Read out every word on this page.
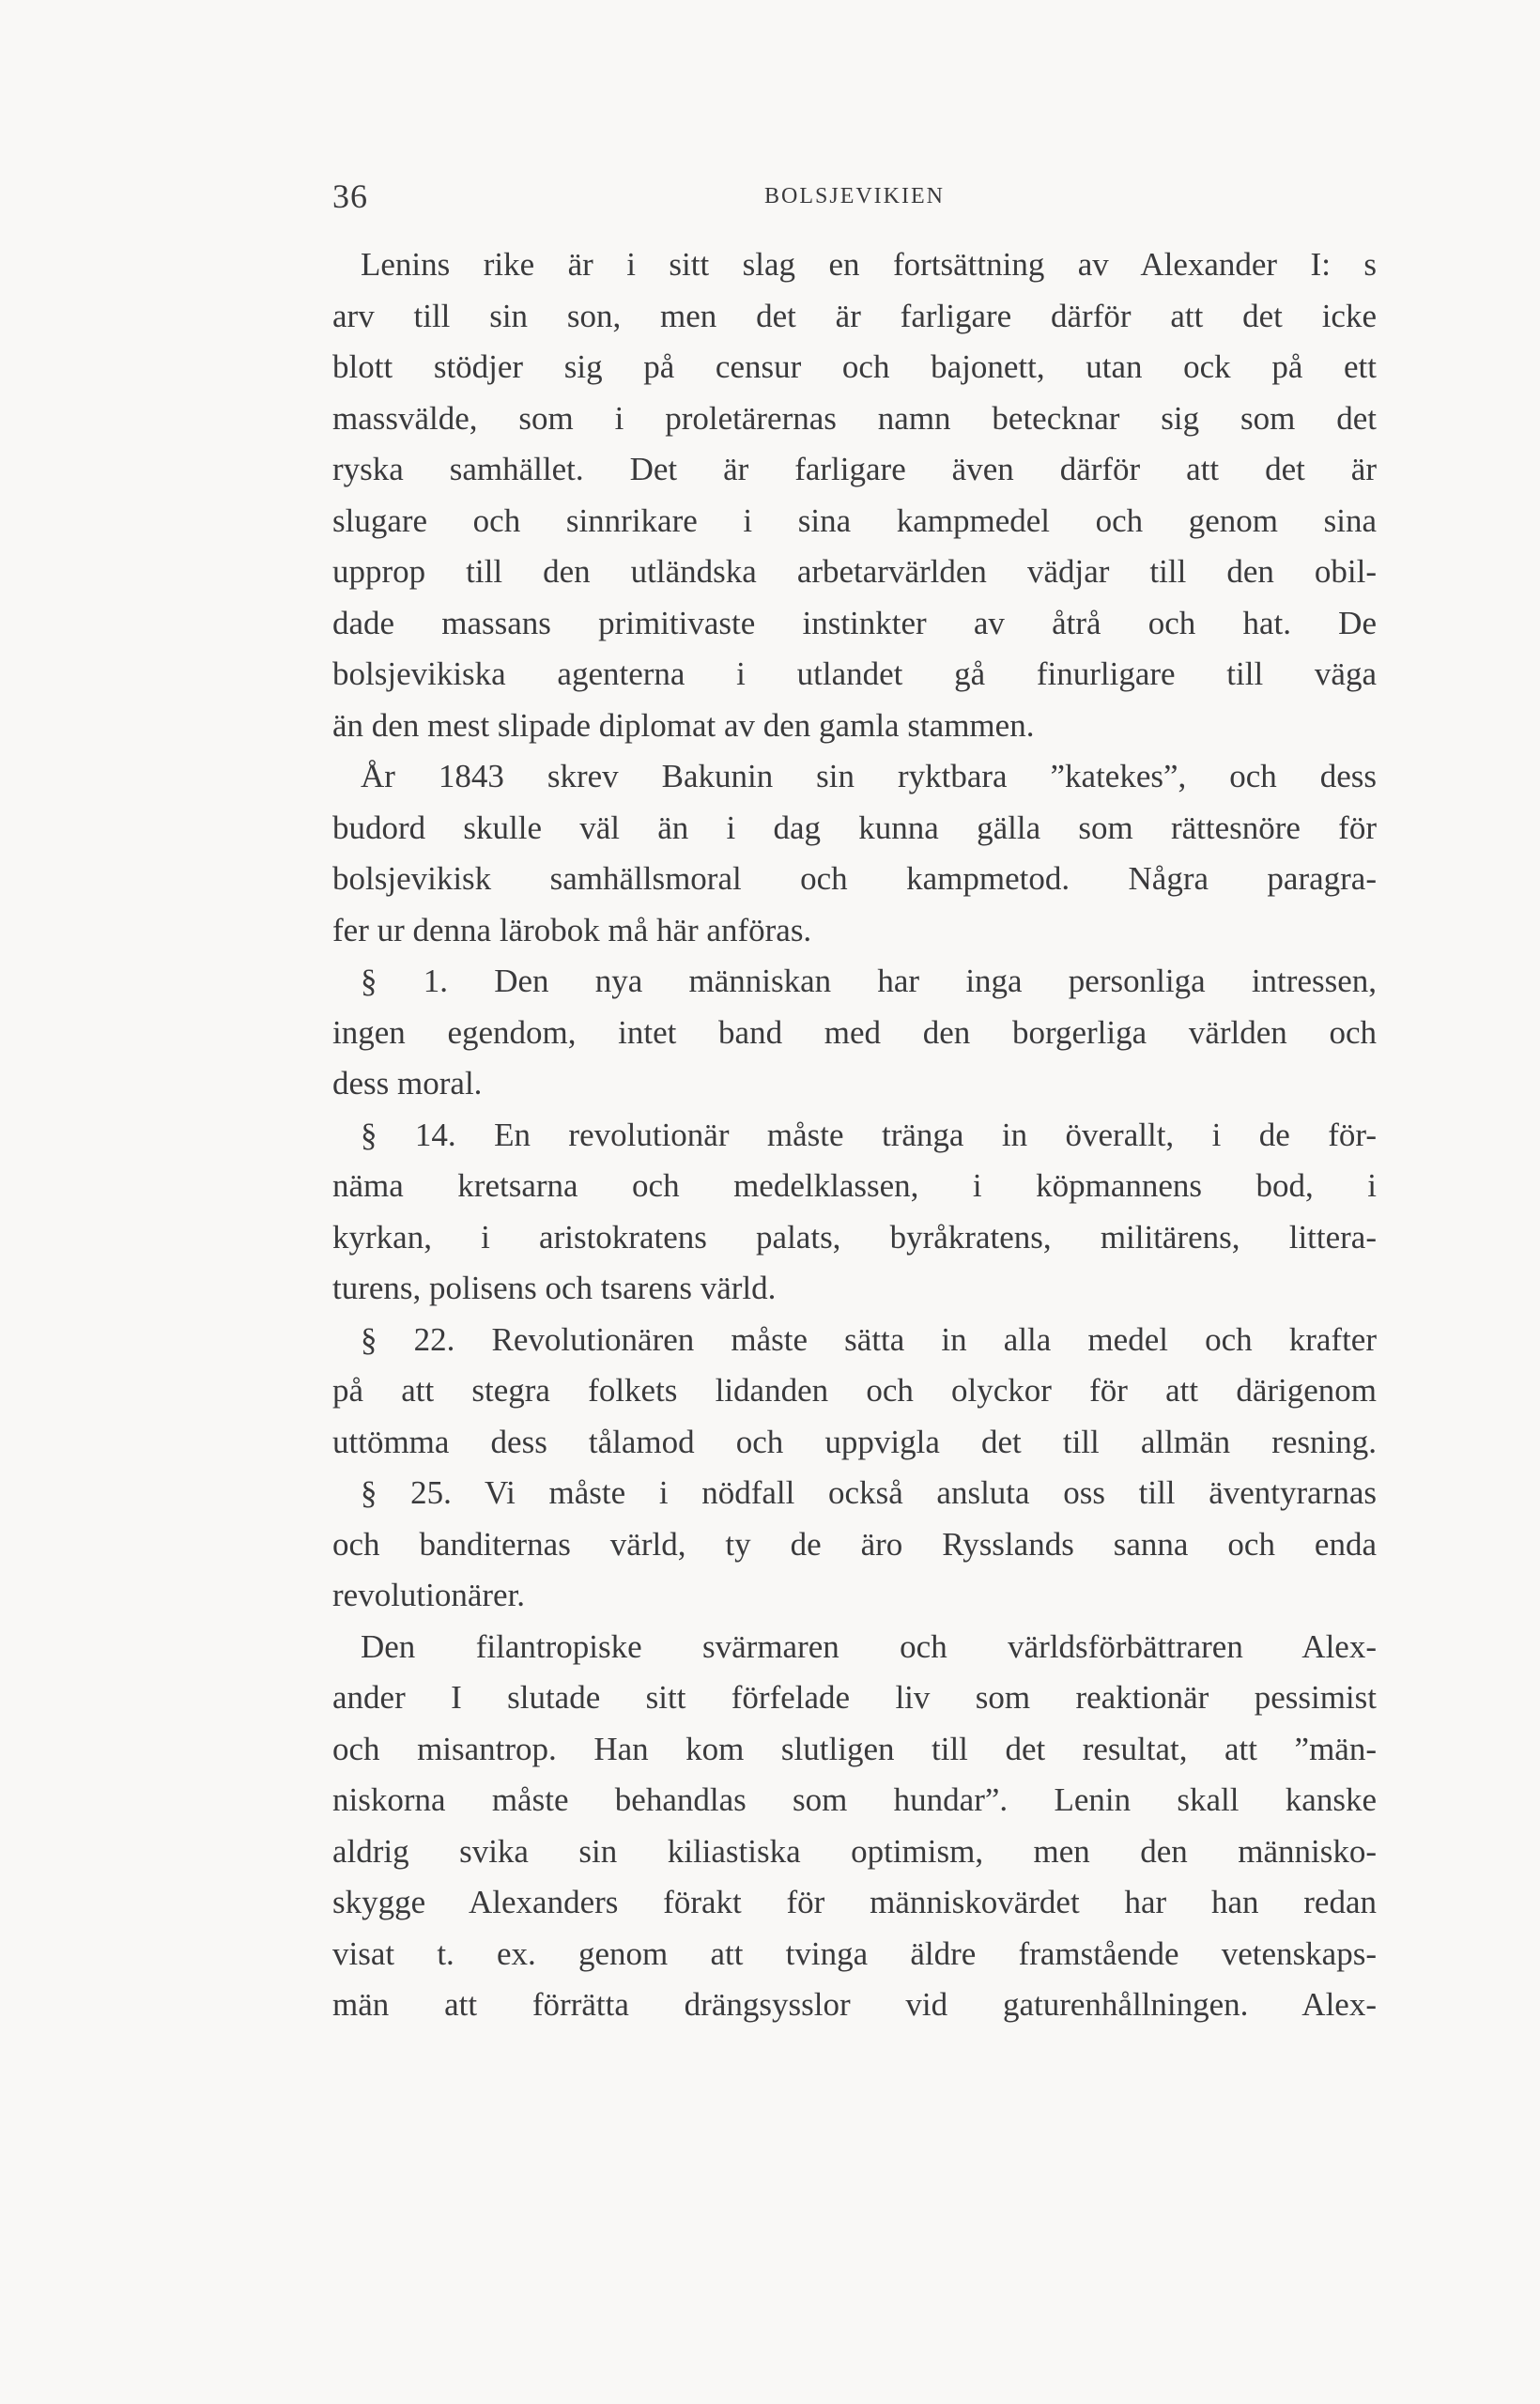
36	BOLSJEVIKIEN
Lenins rike är i sitt slag en fortsättning av Alexander I: s
arv till sin son, men det är farligare därför att det icke
blott stödjer sig på censur och bajonett, utan ock på ett
massvälde, som i proletärernas namn betecknar sig som det
ryska samhället. Det är farligare även därför att det är
slugare och sinnrikare i sina kampmedel och genom sina
upprop till den utländska arbetarvärlden vädjar till den obil-
dade massans primitivaste instinkter av åtrå och hat. De
bolsjevikiska agenterna i utlandet gå finurligare till väga
än den mest slipade diplomat av den gamla stammen.
År 1843 skrev Bakunin sin ryktbara ”katekes”, och dess
budord skulle väl än i dag kunna gälla som rättesnöre för
bolsjevikisk samhällsmoral och kampmetod. Några paragra-
fer ur denna lärobok må här anföras.
§ 1. Den nya människan har inga personliga intressen,
ingen egendom, intet band med den borgerliga världen och
dess moral.
§ 14. En revolutionär måste tränga in överallt, i de för-
näma kretsarna och medelklassen, i köpmannens bod, i
kyrkan, i aristokratens palats, byråkratens, militärens, littera-
turens, polisens och tsarens värld.
§ 22. Revolutionären måste sätta in alla medel och krafter
på att stegra folkets lidanden och olyckor för att därigenom
uttömma dess tålamod och uppvigla det till allmän resning.
§ 25. Vi måste i nödfall också ansluta oss till äventyrarnas
och banditernas värld, ty de äro Rysslands sanna och enda
revolutionärer.
Den filantropiske svärmaren och världsförbättraren Alex-
ander I slutade sitt förfelade liv som reaktionär pessimist
och misantrop. Han kom slutligen till det resultat, att ”män-
niskorna måste behandlas som hundar”. Lenin skall kanske
aldrig svika sin kiliastiska optimism, men den människo-
skygge Alexanders förakt för människovärdet har han redan
visat t. ex. genom att tvinga äldre framstående vetenskaps-
män att förrätta drängsysslor vid gaturenhållningen. Alex-
